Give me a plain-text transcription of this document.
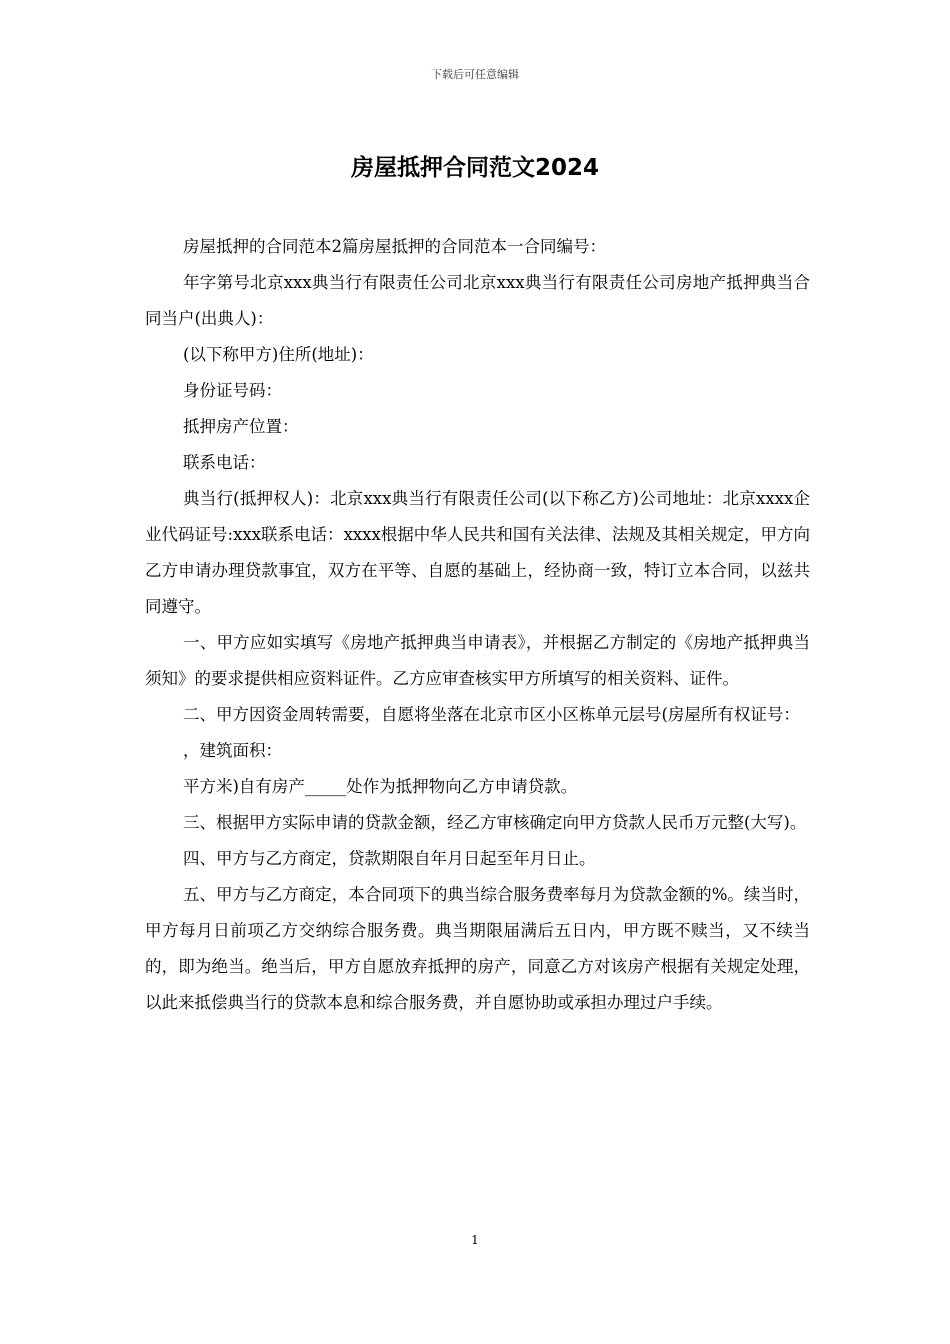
下载后可任意编辑
房屋抵押合同范文2024

房屋抵押的合同范本2篇房屋抵押的合同范本一合同编号：

年字第号北京xxx典当行有限责任公司北京xxx典当行有限责任公司房地产抵押典当合同当户(出典人)：

(以下称甲方)住所(地址)：

身份证号码：

抵押房产位置：

联系电话：

典当行(抵押权人)：北京xxx典当行有限责任公司(以下称乙方)公司地址：北京xxxx企业代码证号:xxx联系电话：xxxx根据中华人民共和国有关法律、法规及其相关规定，甲方向乙方申请办理贷款事宜，双方在平等、自愿的基础上，经协商一致，特订立本合同，以兹共同遵守。

一、甲方应如实填写《房地产抵押典当申请表》，并根据乙方制定的《房地产抵押典当须知》的要求提供相应资料证件。乙方应审查核实甲方所填写的相关资料、证件。

二、甲方因资金周转需要，自愿将坐落在北京市区小区栋单元层号(房屋所有权证号：

，建筑面积：

平方米)自有房产_____处作为抵押物向乙方申请贷款。

三、根据甲方实际申请的贷款金额，经乙方审核确定向甲方贷款人民币万元整(大写)。

四、甲方与乙方商定，贷款期限自年月日起至年月日止。

五、甲方与乙方商定，本合同项下的典当综合服务费率每月为贷款金额的%。续当时，甲方每月日前项乙方交纳综合服务费。典当期限届满后五日内，甲方既不赎当，又不续当的，即为绝当。绝当后，甲方自愿放弃抵押的房产，同意乙方对该房产根据有关规定处理，以此来抵偿典当行的贷款本息和综合服务费，并自愿协助或承担办理过户手续。

1
